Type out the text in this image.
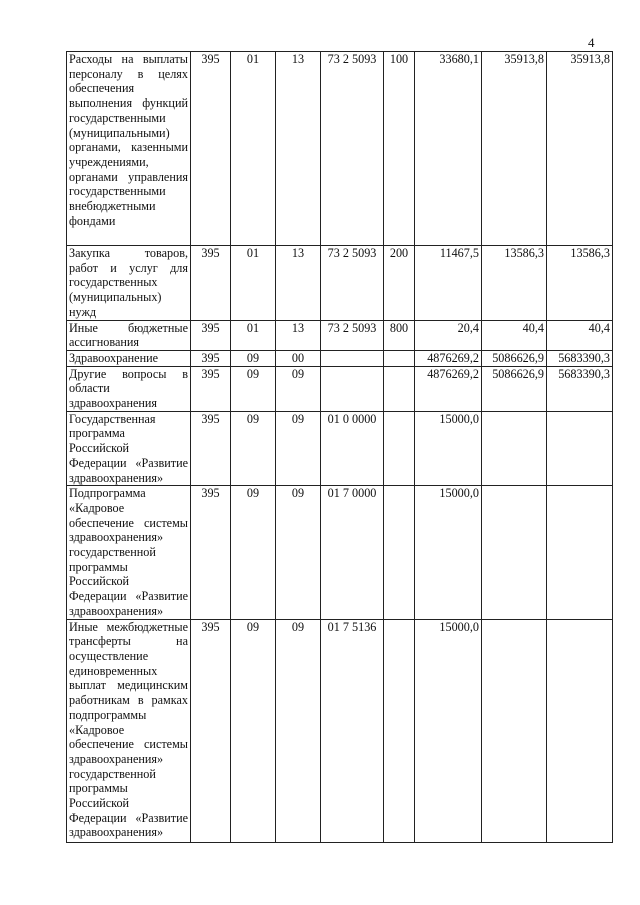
4
Расходы на выплаты персоналу в целях обеспечения выполнения функций государственными (муниципальными) органами, казенными учреждениями, органами управления государственными внебюджетными фондами	395	01	13	73 2 5093	100	33680,1	35913,8	35913,8
Закупка товаров, работ и услуг для государственных (муниципальных) нужд	395	01	13	73 2 5093	200	11467,5	13586,3	13586,3
Иные бюджетные ассигнования	395	01	13	73 2 5093	800	20,4	40,4	40,4
Здравоохранение	395	09	00			4876269,2	5086626,9	5683390,3
Другие вопросы в области здравоохранения	395	09	09			4876269,2	5086626,9	5683390,3
Государственная программа Российской Федерации «Развитие здравоохранения»	395	09	09	01 0 0000		15000,0		
Подпрограмма «Кадровое обеспечение системы здравоохранения» государственной программы Российской Федерации «Развитие здравоохранения»	395	09	09	01 7 0000		15000,0		
Иные межбюджетные трансферты на осуществление единовременных выплат медицинским работникам в рамках подпрограммы «Кадровое обеспечение системы здравоохранения» государственной программы Российской Федерации «Развитие здравоохранения»	395	09	09	01 7 5136		15000,0		
